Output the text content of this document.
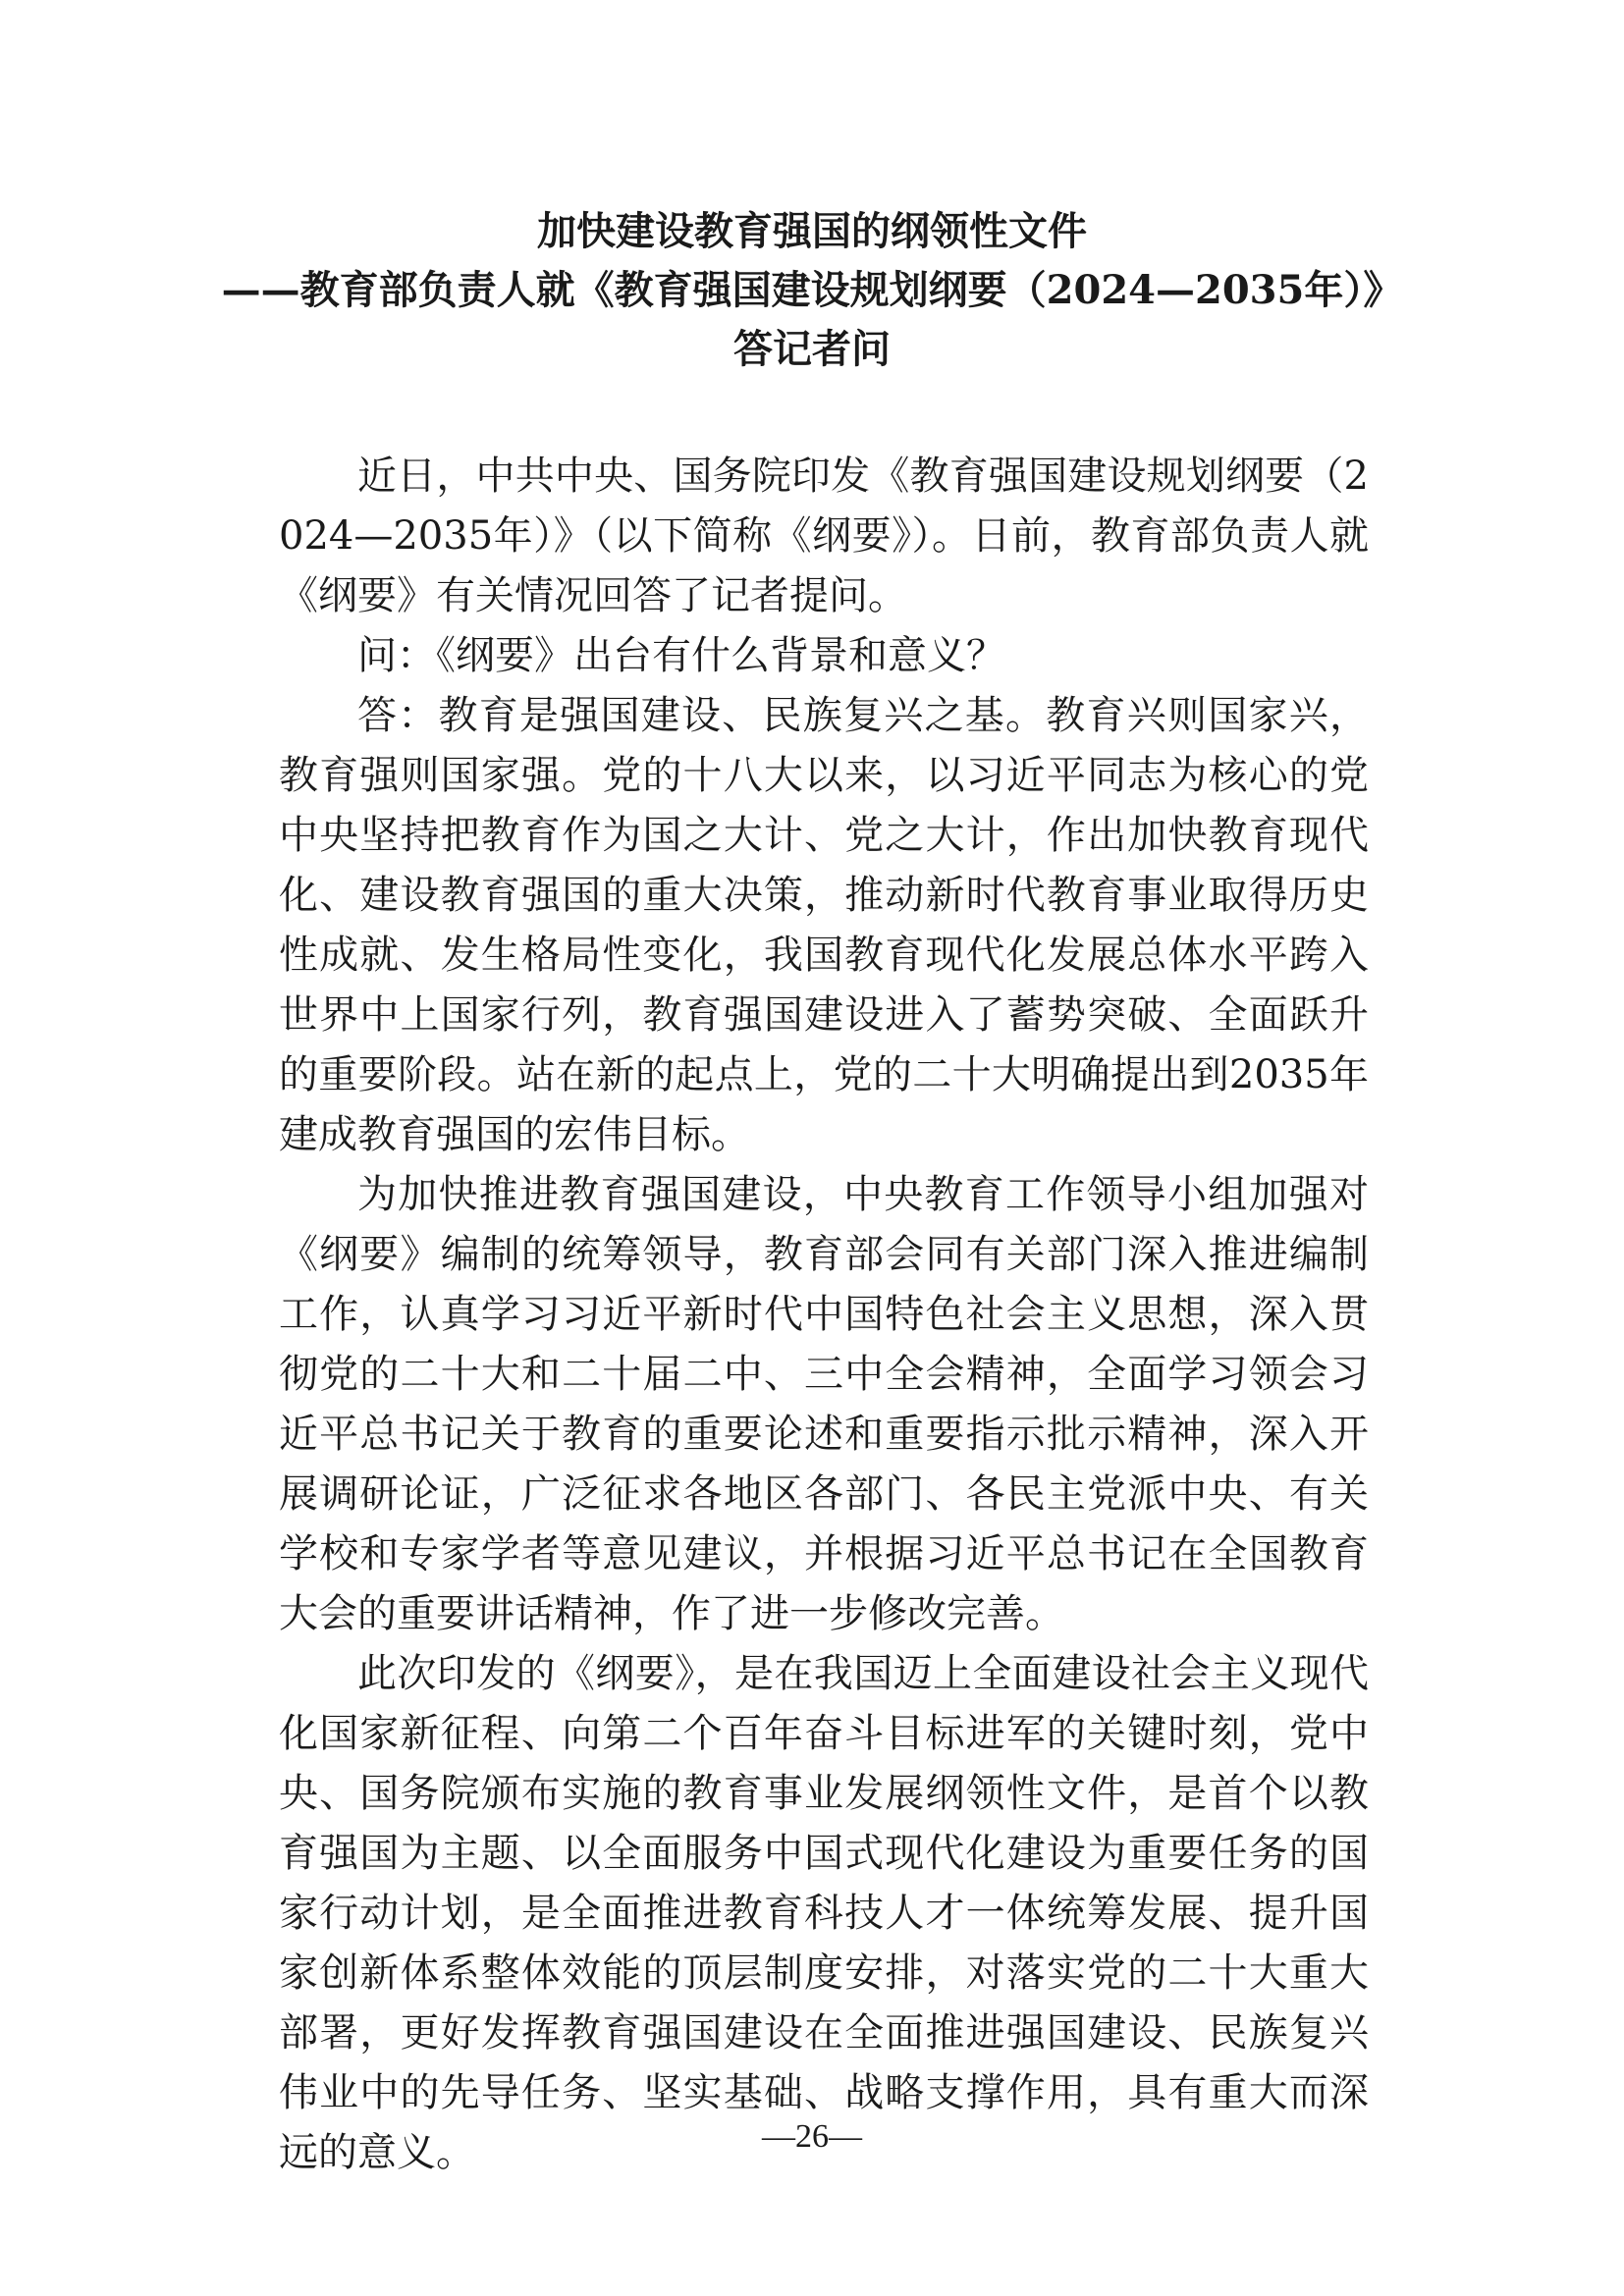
加快建设教育强国的纲领性文件
——教育部负责人就《教育强国建设规划纲要（2024—2035年）》
答记者问

近日，中共中央、国务院印发《教育强国建设规划纲要（2024—2035年）》（以下简称《纲要》）。日前，教育部负责人就《纲要》有关情况回答了记者提问。

问：《纲要》出台有什么背景和意义？

答：教育是强国建设、民族复兴之基。教育兴则国家兴，教育强则国家强。党的十八大以来，以习近平同志为核心的党中央坚持把教育作为国之大计、党之大计，作出加快教育现代化、建设教育强国的重大决策，推动新时代教育事业取得历史性成就、发生格局性变化，我国教育现代化发展总体水平跨入世界中上国家行列，教育强国建设进入了蓄势突破、全面跃升的重要阶段。站在新的起点上，党的二十大明确提出到2035年建成教育强国的宏伟目标。

为加快推进教育强国建设，中央教育工作领导小组加强对《纲要》编制的统筹领导，教育部会同有关部门深入推进编制工作，认真学习习近平新时代中国特色社会主义思想，深入贯彻党的二十大和二十届二中、三中全会精神，全面学习领会习近平总书记关于教育的重要论述和重要指示批示精神，深入开展调研论证，广泛征求各地区各部门、各民主党派中央、有关学校和专家学者等意见建议，并根据习近平总书记在全国教育大会的重要讲话精神，作了进一步修改完善。

此次印发的《纲要》，是在我国迈上全面建设社会主义现代化国家新征程、向第二个百年奋斗目标进军的关键时刻，党中央、国务院颁布实施的教育事业发展纲领性文件，是首个以教育强国为主题、以全面服务中国式现代化建设为重要任务的国家行动计划，是全面推进教育科技人才一体统筹发展、提升国家创新体系整体效能的顶层制度安排，对落实党的二十大重大部署，更好发挥教育强国建设在全面推进强国建设、民族复兴伟业中的先导任务、坚实基础、战略支撑作用，具有重大而深远的意义。	—26—
